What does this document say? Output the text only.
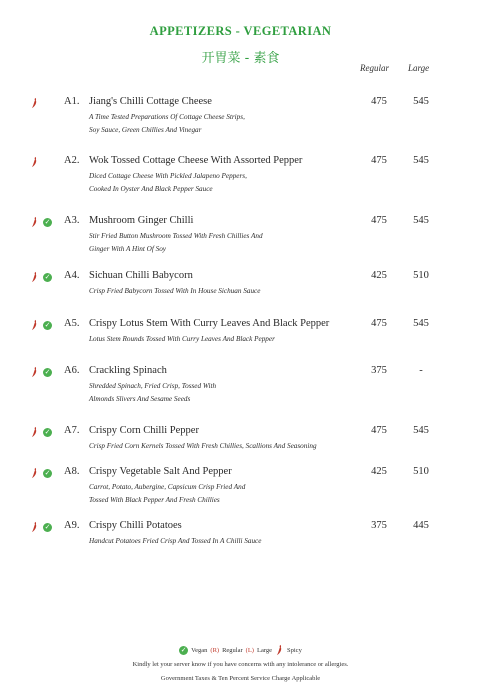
APPETIZERS - VEGETARIAN
开胃菜 - 素食
Regular Large
A1. Jiang's Chilli Cottage Cheese
A Time Tested Preparations Of Cottage Cheese Strips,
Soy Sauce, Green Chillies And Vinegar
475	545
A2. Wok Tossed Cottage Cheese With Assorted Pepper
Diced Cottage Cheese With Pickled Jalapeno Peppers,
Cooked In Oyster And Black Pepper Sauce
475	545
✓ A3. Mushroom Ginger Chilli
Stir Fried Button Mushroom Tossed With Fresh Chillies And
Ginger With A Hint Of Soy
475	545
✓ A4. Sichuan Chilli Babycorn
Crisp Fried Babycorn Tossed With In House Sichuan Sauce
425	510
✓ A5. Crispy Lotus Stem With Curry Leaves And Black Pepper
Lotus Stem Rounds Tossed With Curry Leaves And Black Pepper
475	545
✓ A6. Crackling Spinach
Shredded Spinach, Fried Crisp, Tossed With
Almonds Slivers And Sesame Seeds
375	-
✓ A7. Crispy Corn Chilli Pepper
Crisp Fried Corn Kernels Tossed With Fresh Chillies, Scallions And Seasoning
475	545
✓ A8. Crispy Vegetable Salt And Pepper
Carrot, Potato, Aubergine, Capsicum Crisp Fried And
Tossed With Black Pepper And Fresh Chillies
425	510
✓ A9. Crispy Chilli Potatoes
Handcut Potatoes Fried Crisp And Tossed In A Chilli Sauce
375	445
✓ Vegan (R) Regular (L) Large Spicy
Kindly let your server know if you have concerns with any intolerance or allergies.
Government Taxes & Ten Percent Service Charge Applicable
